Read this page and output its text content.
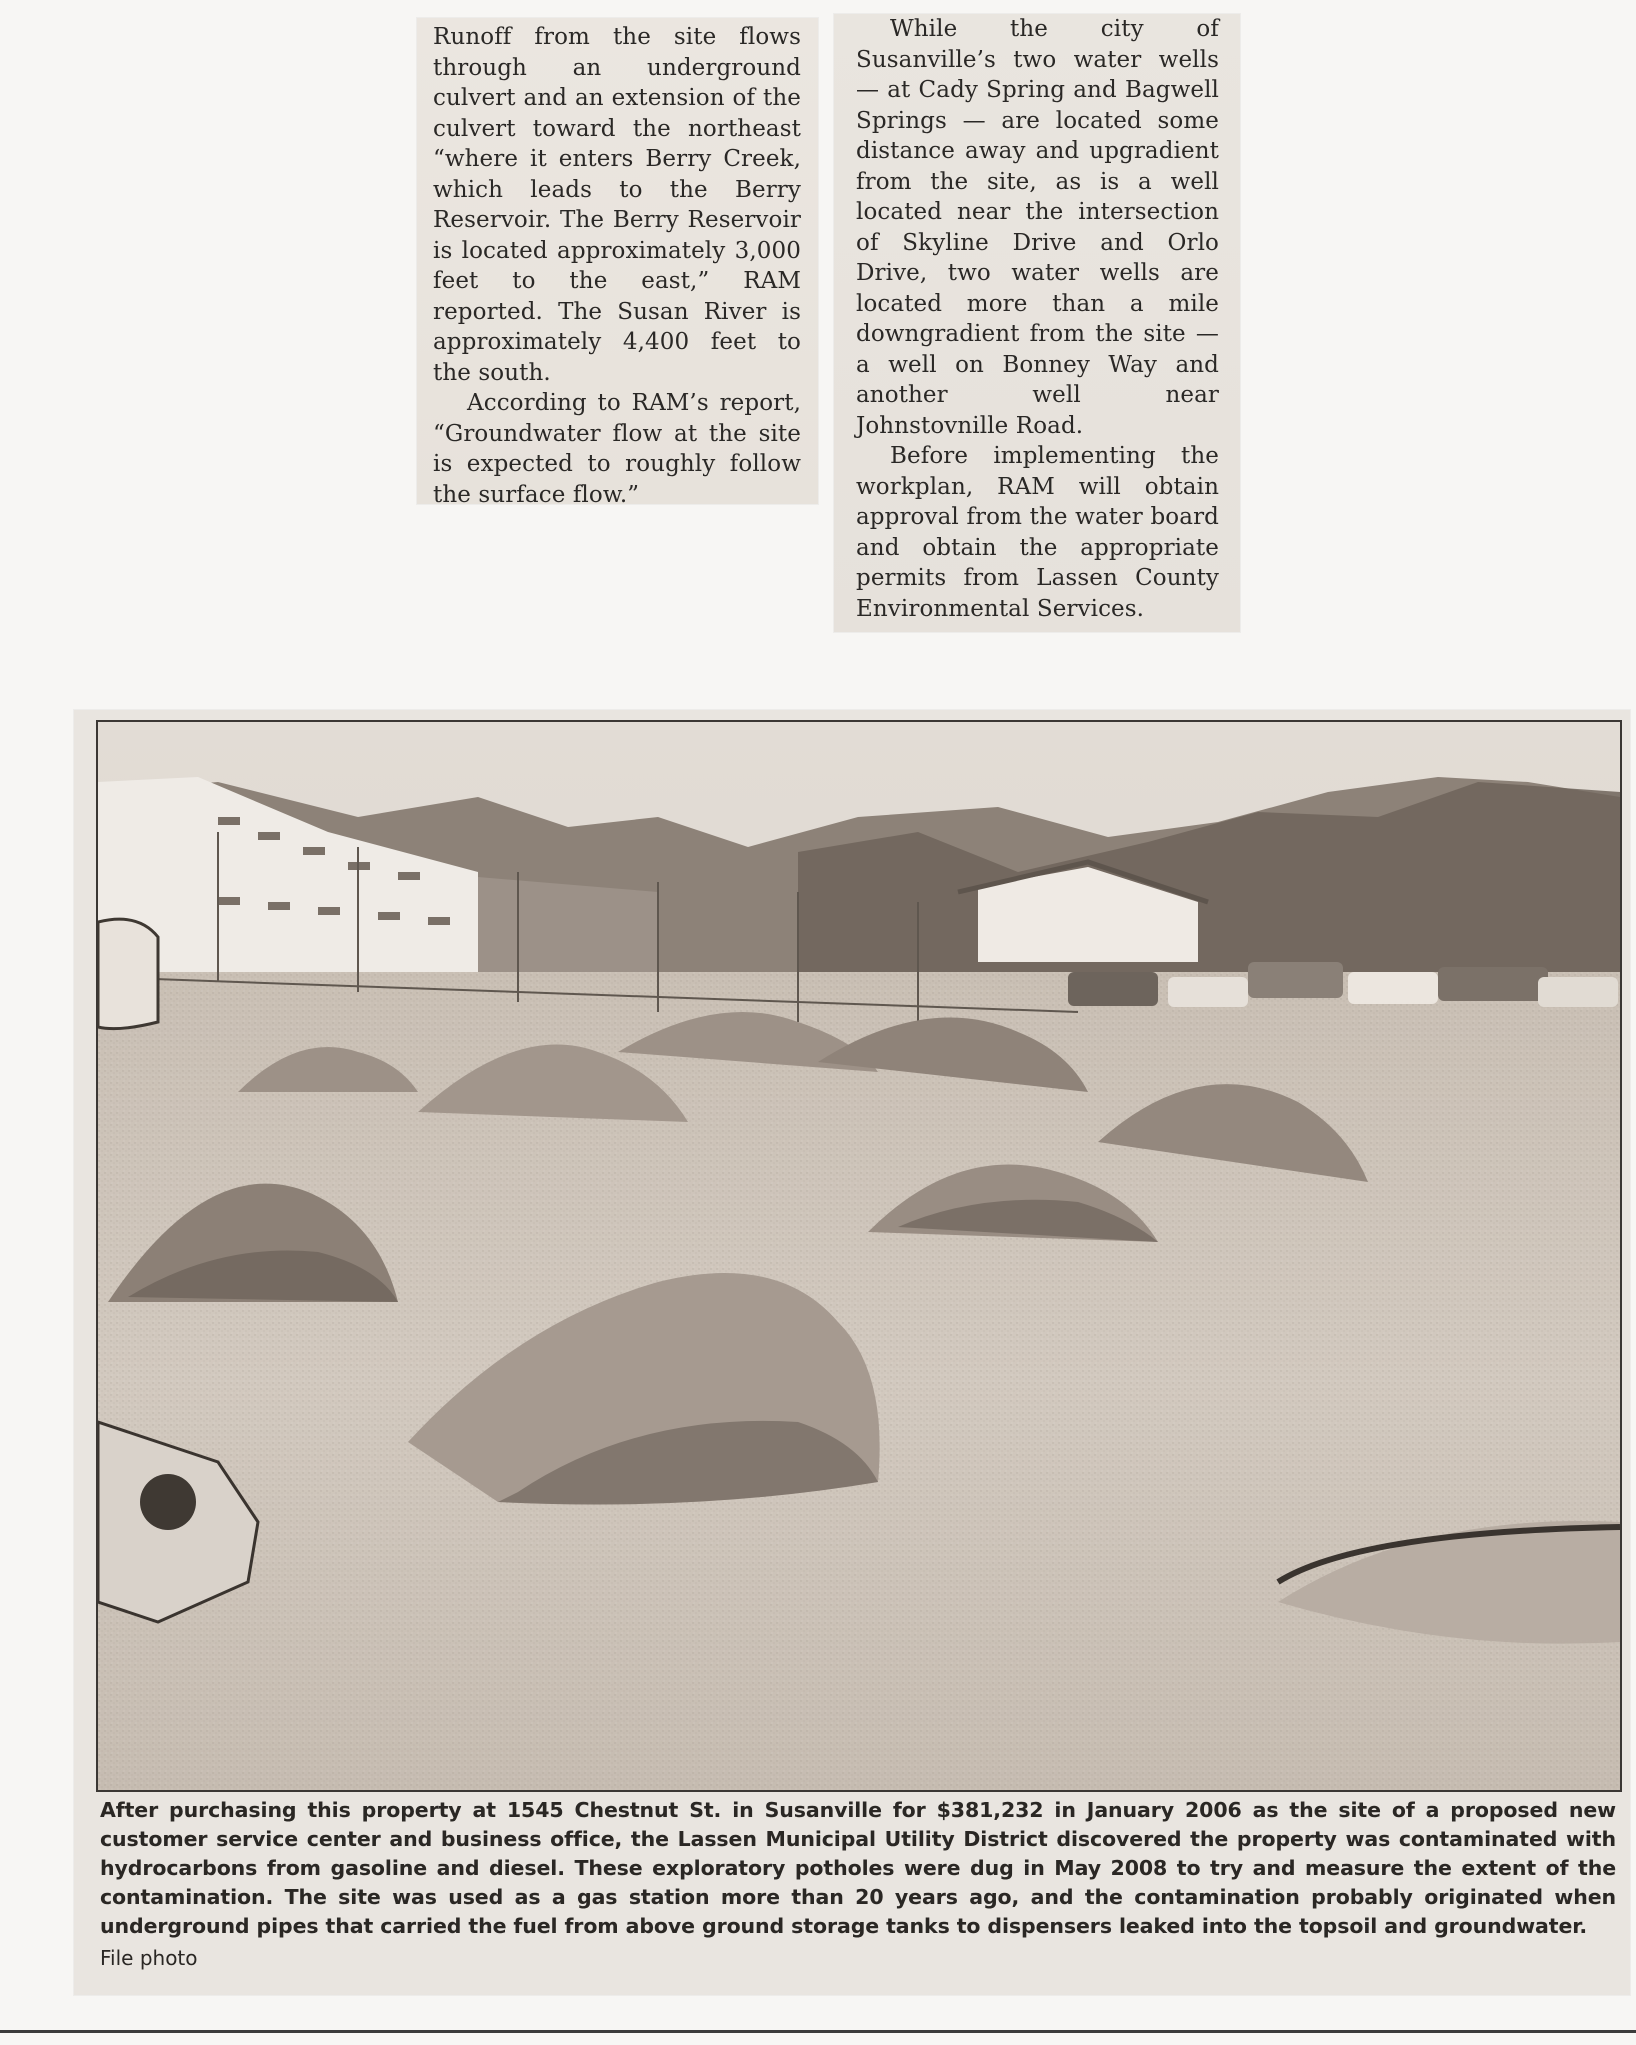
Runoff from the site flows through an underground culvert and an extension of the culvert toward the northeast “where it enters Berry Creek, which leads to the Berry Reservoir. The Berry Reservoir is located approximately 3,000 feet to the east,” RAM reported. The Susan River is approximately 4,400 feet to the south.

According to RAM’s report, “Groundwater flow at the site is expected to roughly follow the surface flow.”

While the city of Susanville’s two water wells — at Cady Spring and Bagwell Springs — are located some distance away and upgradient from the site, as is a well located near the intersection of Skyline Drive and Orlo Drive, two water wells are located more than a mile downgradient from the site — a well on Bonney Way and another well near Johnstovnille Road.

Before implementing the workplan, RAM will obtain approval from the water board and obtain the appropriate permits from Lassen County Environmental Services.

After purchasing this property at 1545 Chestnut St. in Susanville for $381,232 in January 2006 as the site of a proposed new customer service center and business office, the Lassen Municipal Utility District discovered the property was contaminated with hydrocarbons from gasoline and diesel. These exploratory potholes were dug in May 2008 to try and measure the extent of the contamination. The site was used as a gas station more than 20 years ago, and the contamination probably originated when underground pipes that carried the fuel from above ground storage tanks to dispensers leaked into the topsoil and groundwater.
File photo
